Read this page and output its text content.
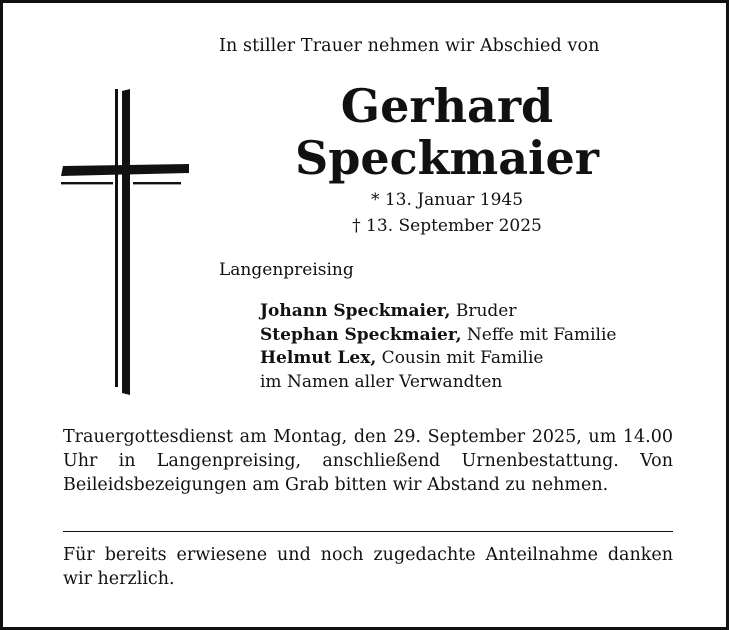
In stiller Trauer nehmen wir Abschied von
Gerhard
Speckmaier
* 13. Januar 1945
† 13. September 2025
Langenpreising
Johann Speckmaier, Bruder
Stephan Speckmaier, Neffe mit Familie
Helmut Lex, Cousin mit Familie
im Namen aller Verwandten
Trauergottesdienst am Montag, den 29. September 2025, um 14.00 Uhr in Langenpreising, anschließend Urnenbestattung. Von Beileidsbezeigungen am Grab bitten wir Abstand zu nehmen.
Für bereits erwiesene und noch zugedachte Anteilnahme danken wir herzlich.
